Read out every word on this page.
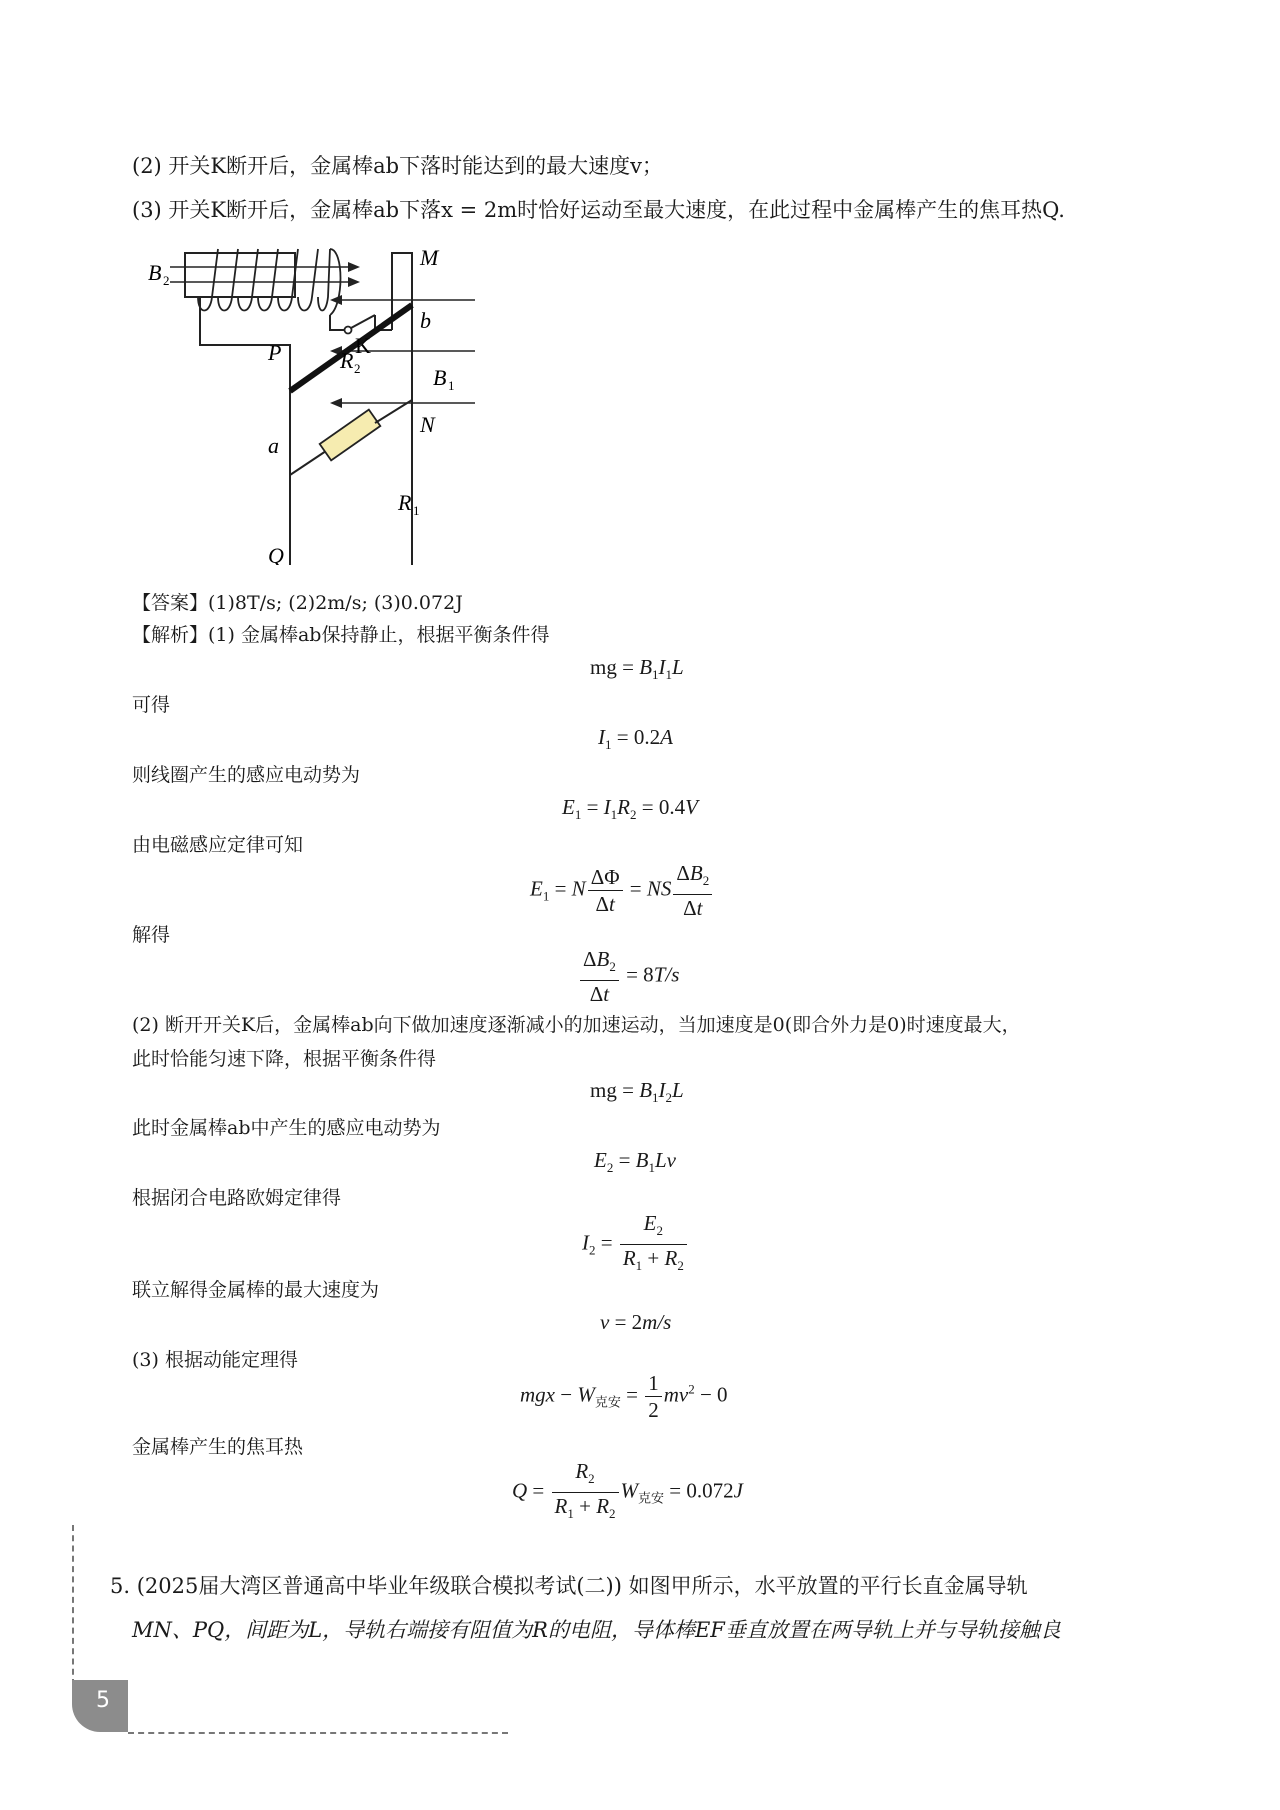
(2) 开关K断开后，金属棒ab下落时能达到的最大速度v；
(3) 开关K断开后，金属棒ab下落x = 2m时恰好运动至最大速度，在此过程中金属棒产生的焦耳热Q.
B 2
K
M
P
b
R 2	B 1
a
N
R 1
Q
【答案】(1)8T/s; (2)2m/s; (3)0.072J
【解析】(1) 金属棒ab保持静止，根据平衡条件得
mg = $B_1I_1L$
可得
$I_1 = 0.2A$
则线圈产生的感应电动势为
$E_1 = I_1R_2 = 0.4V$
由电磁感应定律可知
$E_1 = N \frac{\Delta\Phi}{\Delta t}$ = NS $\frac{\Delta B_2}{\Delta t}$
解得
$\frac{\Delta B_2}{\Delta t} = 8T/s$
(2) 断开开关K后，金属棒ab向下做加速度逐渐减小的加速运动，当加速度是0(即合外力是0)时速度最大，
此时恰能匀速下降，根据平衡条件得
mg = $B_1I_2L$
此时金属棒ab中产生的感应电动势为
$E_2 = B_1Lv$
根据闭合电路欧姆定律得
$I_2 = \frac{E_2}{R_1 + R_2}$
联立解得金属棒的最大速度为
v = 2m/s
(3) 根据动能定理得
mgx − $W_{克安} = \frac{1}{2} mv^2 - 0$
金属棒产生的焦耳热
$Q = \frac{R_2}{R_1 + R_2} W_{克安} = 0.072J$
5. (2025届大湾区普通高中毕业年级联合模拟考试(二)) 如图甲所示，水平放置的平行长直金属导轨
MN、PQ，间距为L，导轨右端接有阻值为R的电阻，导体棒EF垂直放置在两导轨上并与导轨接触良
5
